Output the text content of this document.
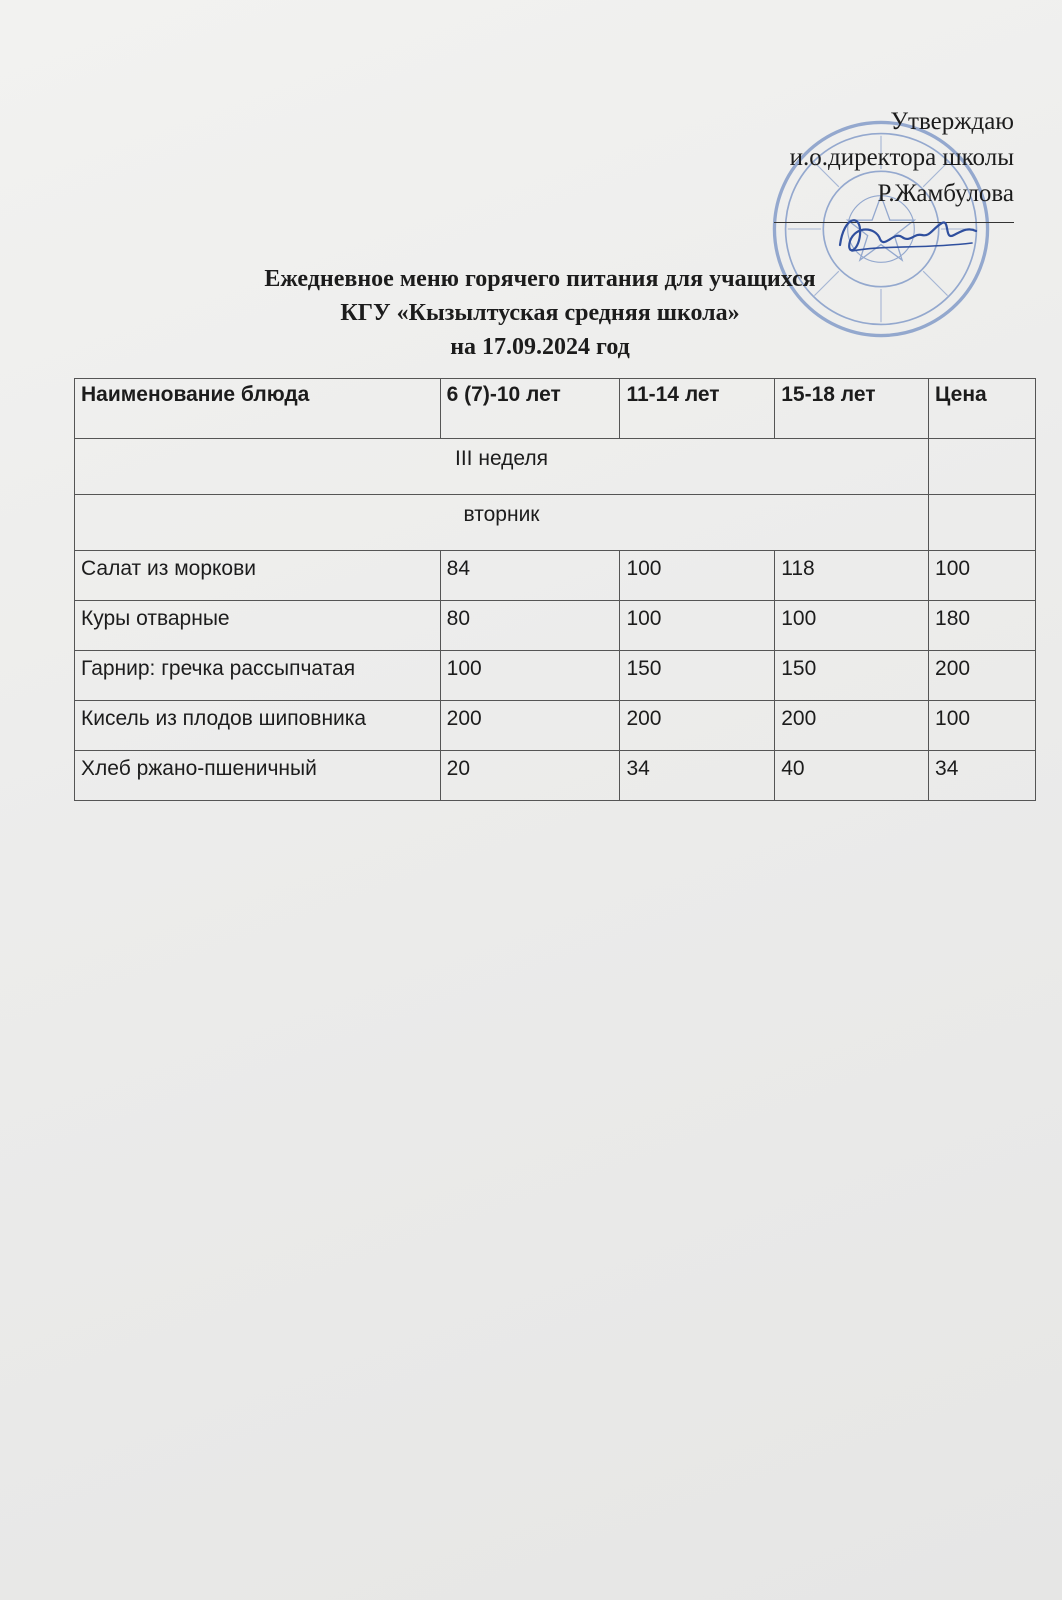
Утверждаю
и.о.директора школы
Р.Жамбулова
Ежедневное меню горячего питания для учащихся
КГУ «Кызылтуская средняя школа»
на 17.09.2024 год
Наименование блюда	6 (7)-10 лет	11-14 лет	15-18 лет	Цена
III неделя				
вторник				
Салат из моркови	84	100	118	100
Куры отварные	80	100	100	180
Гарнир: гречка рассыпчатая	100	150	150	200
Кисель из плодов шиповника	200	200	200	100
Хлеб ржано-пшеничный	20	34	40	34
